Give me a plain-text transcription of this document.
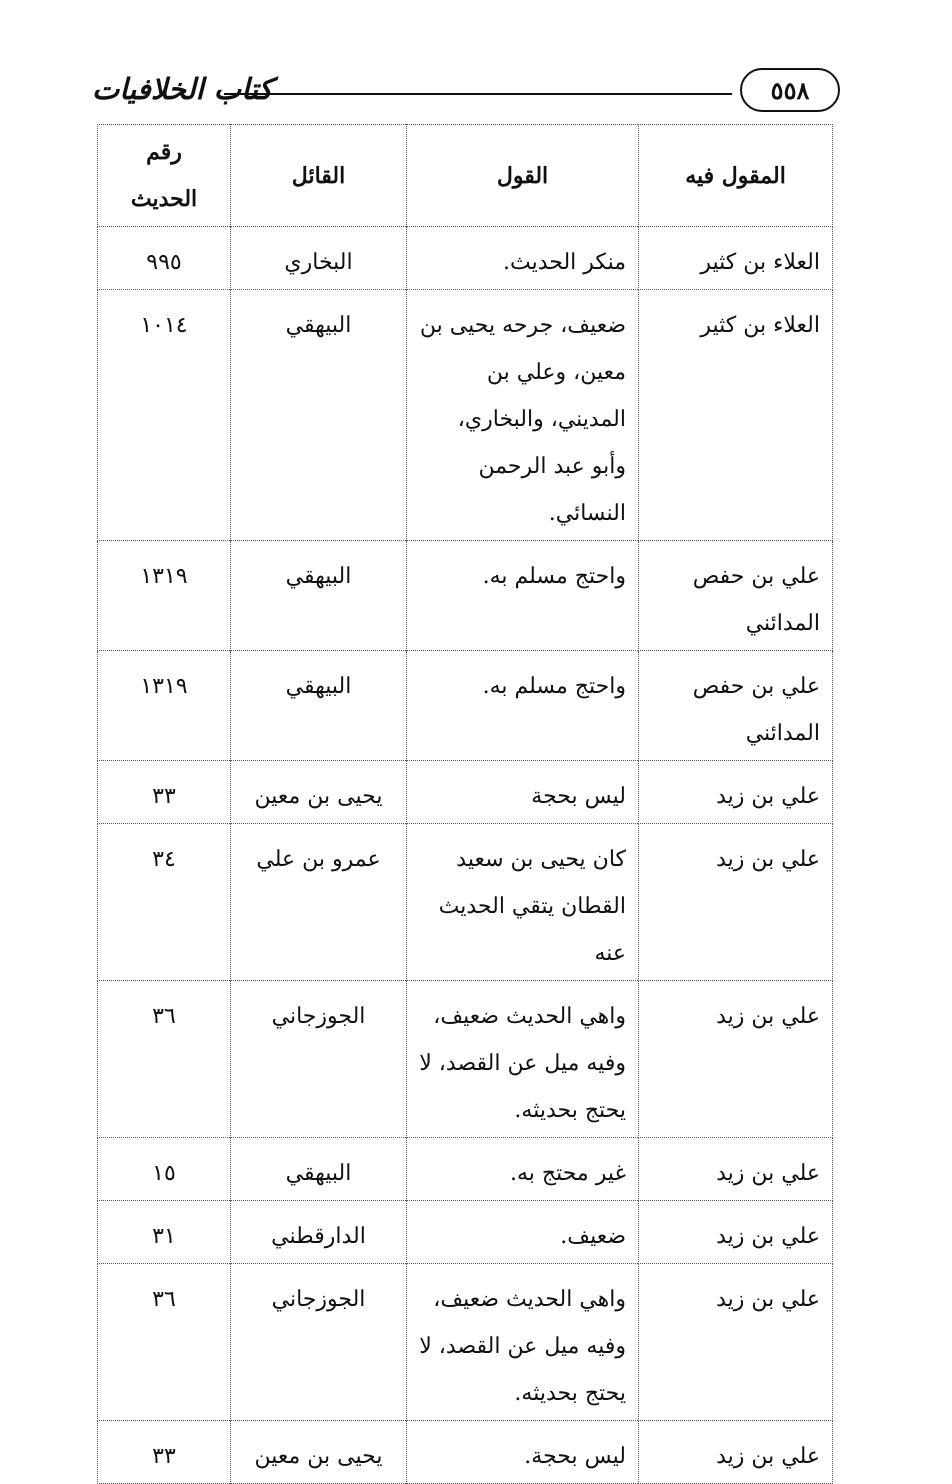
كتاب الخلافيات	٥٥٨
المقول فيه	القول	القائل	رقم الحديث
العلاء بن كثير	منكر الحديث.	البخاري	٩٩٥
العلاء بن كثير	ضعيف، جرحه يحيى بن معين، وعلي بن المديني، والبخاري، وأبو عبد الرحمن النسائي.	البيهقي	١٠١٤
علي بن حفص المدائني	واحتج مسلم به.	البيهقي	١٣١٩
علي بن حفص المدائني	واحتج مسلم به.	البيهقي	١٣١٩
علي بن زيد	ليس بحجة	يحيى بن معين	٣٣
علي بن زيد	كان يحيى بن سعيد القطان يتقي الحديث عنه	عمرو بن علي	٣٤
علي بن زيد	واهي الحديث ضعيف، وفيه ميل عن القصد، لا يحتج بحديثه.	الجوزجاني	٣٦
علي بن زيد	غير محتج به.	البيهقي	١٥
علي بن زيد	ضعيف.	الدارقطني	٣١
علي بن زيد	واهي الحديث ضعيف، وفيه ميل عن القصد، لا يحتج بحديثه.	الجوزجاني	٣٦
علي بن زيد	ليس بحجة.	يحيى بن معين	٣٣
